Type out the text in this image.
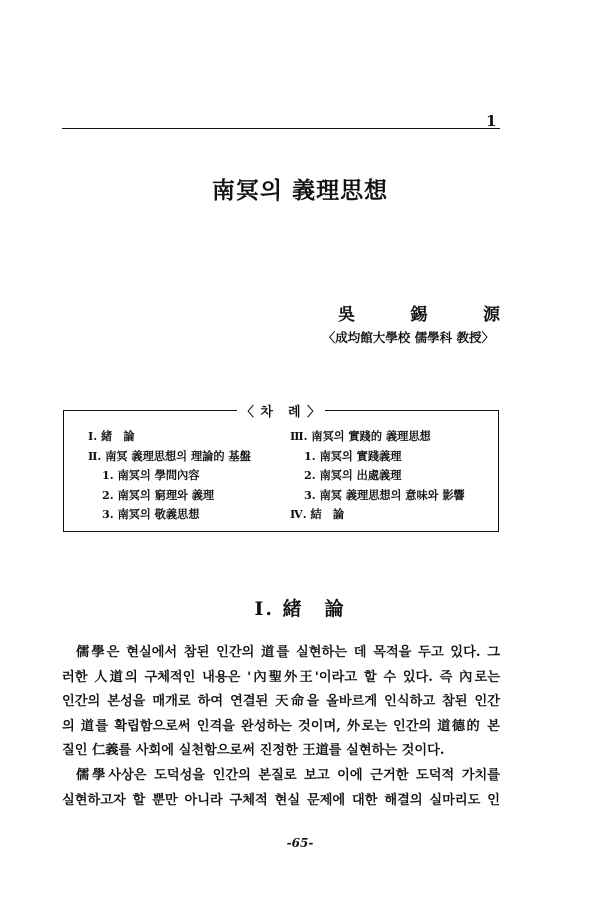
1
南冥의 義理思想
吳	錫	源
〈成均館大學校 儒學科 教授〉
〈 차　례 〉
Ⅰ. 緒　論
Ⅱ. 南冥 義理思想의 理論的 基盤
1. 南冥의 學問內容
2. 南冥의 窮理와 義理
3. 南冥의 敬義思想
Ⅲ. 南冥의 實踐的 義理思想
1. 南冥의 實踐義理
2. 南冥의 出處義理
3. 南冥 義理思想의 意味와 影響
Ⅳ. 結　論
Ⅰ. 緒　論
儒學은 현실에서 참된 인간의 道를 실현하는 데 목적을 두고 있다. 그
러한 人道의 구체적인 내용은 '內聖外王'이라고 할 수 있다. 즉 內로는
인간의 본성을 매개로 하여 연결된 天命을 올바르게 인식하고 참된 인간
의 道를 확립함으로써 인격을 완성하는 것이며, 外로는 인간의 道德的 본
질인 仁義를 사회에 실천함으로써 진정한 王道를 실현하는 것이다.
儒學사상은 도덕성을 인간의 본질로 보고 이에 근거한 도덕적 가치를
실현하고자 할 뿐만 아니라 구체적 현실 문제에 대한 해결의 실마리도 인
-65-
